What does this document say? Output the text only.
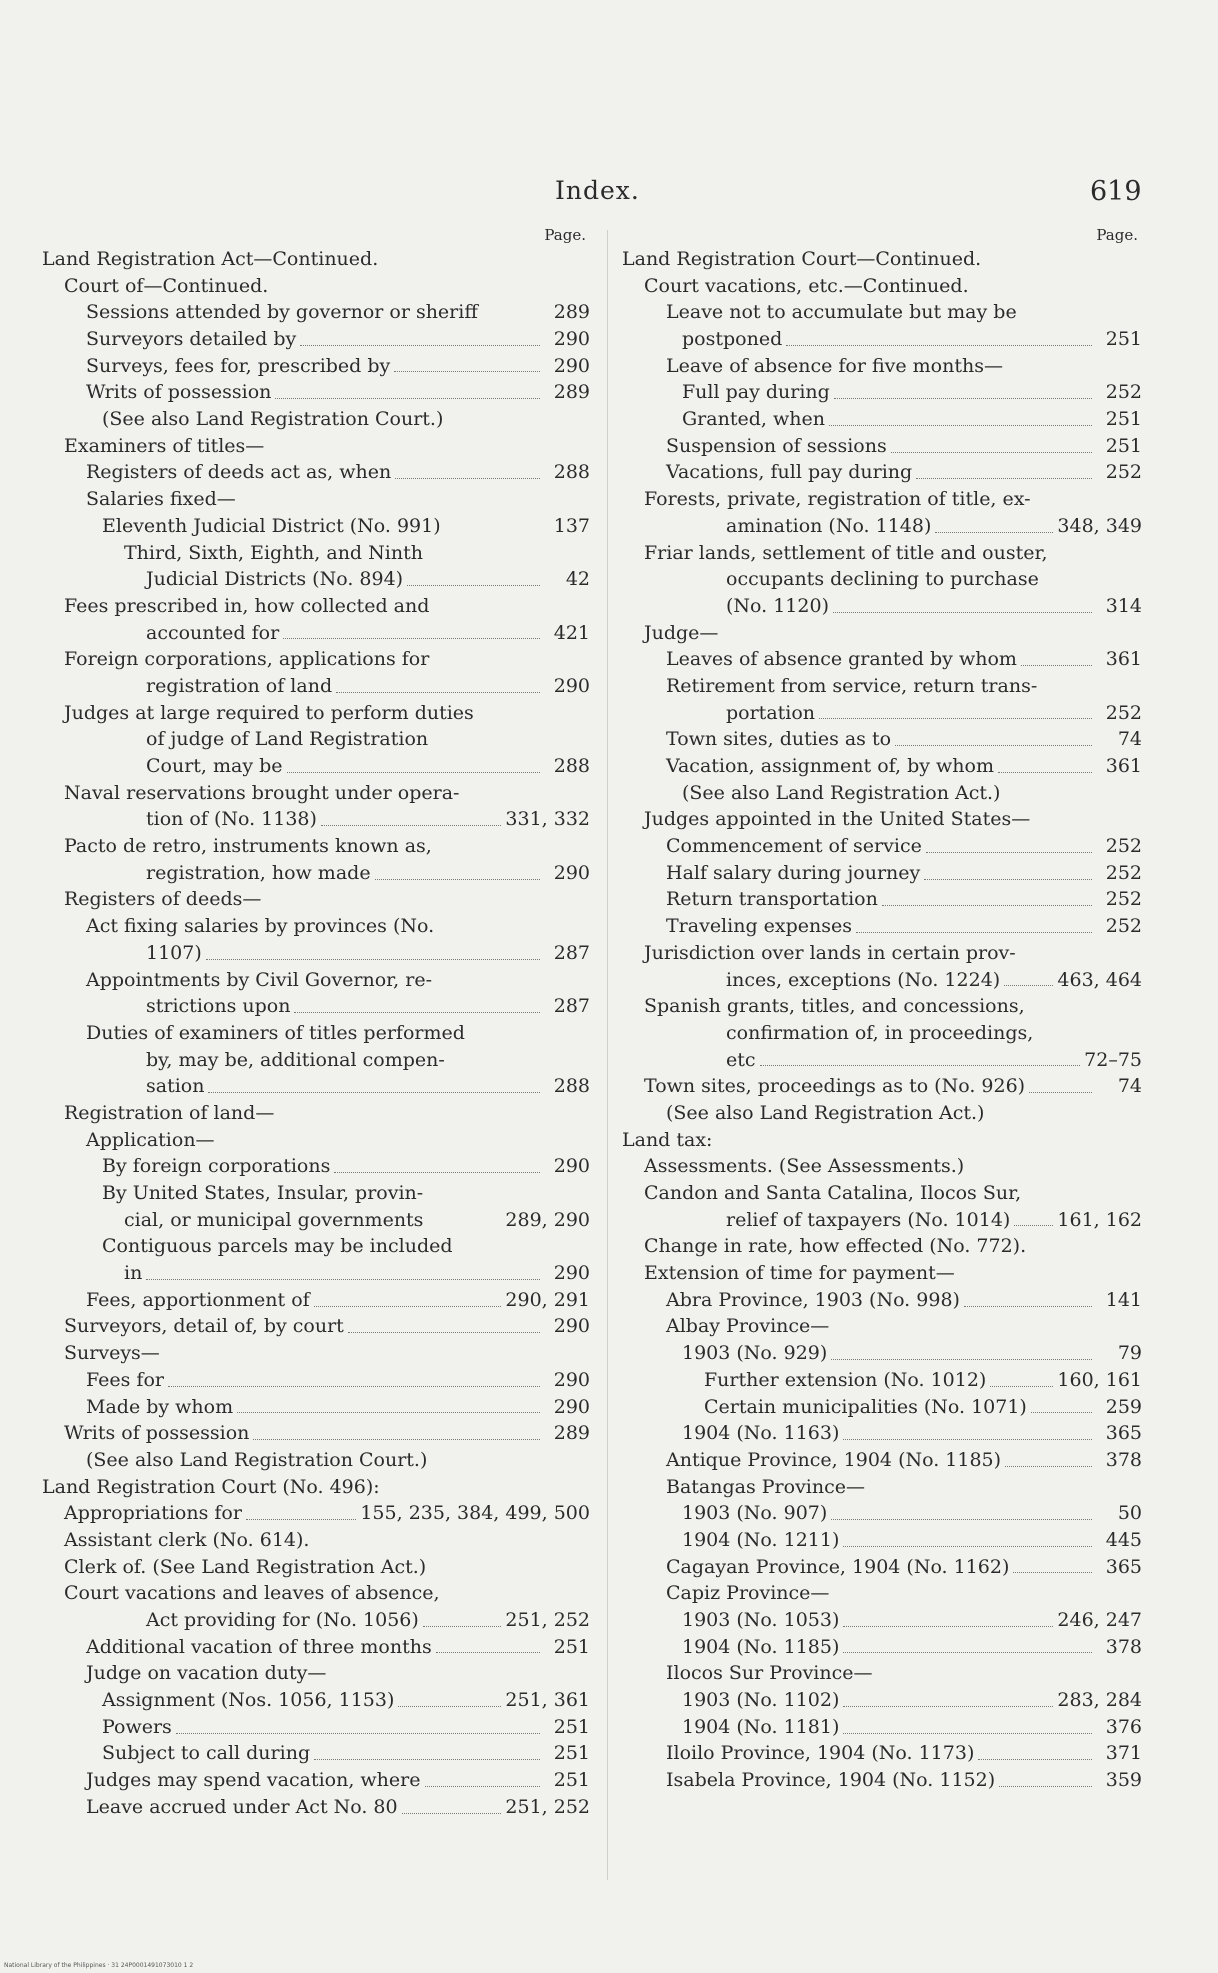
Index.	619
Page.
Land Registration Act—Continued.
Court of—Continued.
Sessions attended by governor or sheriff	289
Surveyors detailed by	290
Surveys, fees for, prescribed by	290
Writs of possession	289
(See also Land Registration Court.)
Examiners of titles—
Registers of deeds act as, when	288
Salaries fixed—
Eleventh Judicial District (No. 991)	137
Third, Sixth, Eighth, and Ninth
Judicial Districts (No. 894)	42
Fees prescribed in, how collected and
accounted for	421
Foreign corporations, applications for
registration of land	290
Judges at large required to perform duties
of judge of Land Registration
Court, may be	288
Naval reservations brought under opera-
tion of (No. 1138)	331, 332
Pacto de retro, instruments known as,
registration, how made	290
Registers of deeds—
Act fixing salaries by provinces (No.
1107)	287
Appointments by Civil Governor, re-
strictions upon	287
Duties of examiners of titles performed
by, may be, additional compen-
sation	288
Registration of land—
Application—
By foreign corporations	290
By United States, Insular, provin-
cial, or municipal governments	289, 290
Contiguous parcels may be included
in	290
Fees, apportionment of	290, 291
Surveyors, detail of, by court	290
Surveys—
Fees for	290
Made by whom	290
Writs of possession	289
(See also Land Registration Court.)
Land Registration Court (No. 496):
Appropriations for	155, 235, 384, 499, 500
Assistant clerk (No. 614).
Clerk of. (See Land Registration Act.)
Court vacations and leaves of absence,
Act providing for (No. 1056)	251, 252
Additional vacation of three months	251
Judge on vacation duty—
Assignment (Nos. 1056, 1153)	251, 361
Powers	251
Subject to call during	251
Judges may spend vacation, where	251
Leave accrued under Act No. 80	251, 252
Page.
Land Registration Court—Continued.
Court vacations, etc.—Continued.
Leave not to accumulate but may be
postponed	251
Leave of absence for five months—
Full pay during	252
Granted, when	251
Suspension of sessions	251
Vacations, full pay during	252
Forests, private, registration of title, ex-
amination (No. 1148)	348, 349
Friar lands, settlement of title and ouster,
occupants declining to purchase
(No. 1120)	314
Judge—
Leaves of absence granted by whom	361
Retirement from service, return trans-
portation	252
Town sites, duties as to	74
Vacation, assignment of, by whom	361
(See also Land Registration Act.)
Judges appointed in the United States—
Commencement of service	252
Half salary during journey	252
Return transportation	252
Traveling expenses	252
Jurisdiction over lands in certain prov-
inces, exceptions (No. 1224)	463, 464
Spanish grants, titles, and concessions,
confirmation of, in proceedings,
etc	72–75
Town sites, proceedings as to (No. 926)	74
(See also Land Registration Act.)
Land tax:
Assessments. (See Assessments.)
Candon and Santa Catalina, Ilocos Sur,
relief of taxpayers (No. 1014) 161, 162
Change in rate, how effected (No. 772).
Extension of time for payment—
Abra Province, 1903 (No. 998)	141
Albay Province—
1903 (No. 929)	79
Further extension (No. 1012)	160, 161
Certain municipalities (No. 1071)	259
1904 (No. 1163)	365
Antique Province, 1904 (No. 1185)	378
Batangas Province—
1903 (No. 907)	50
1904 (No. 1211)	445
Cagayan Province, 1904 (No. 1162)	365
Capiz Province—
1903 (No. 1053)	246, 247
1904 (No. 1185)	378
Ilocos Sur Province—
1903 (No. 1102)	283, 284
1904 (No. 1181)	376
Iloilo Province, 1904 (No. 1173)	371
Isabela Province, 1904 (No. 1152)	359
National Library of the Philippines · 31 24P0001491073010 1 2
